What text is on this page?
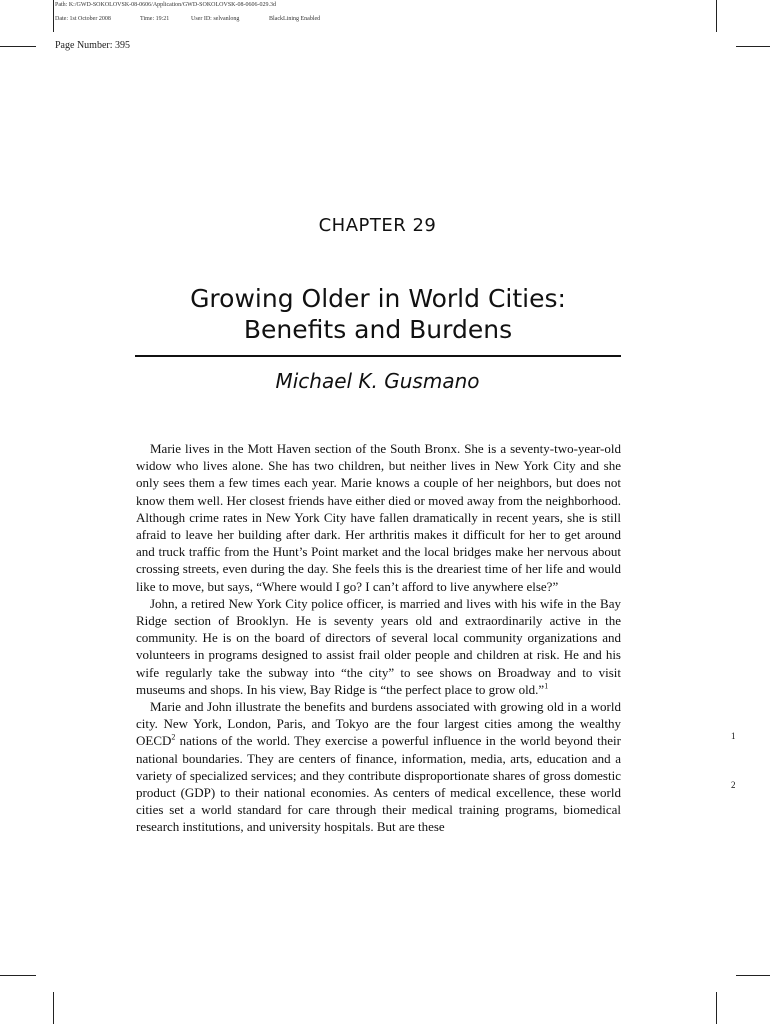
Path: K:/GWD-SOKOLOVSK-08-0606/Application/GWD-SOKOLOVSK-08-0606-029.3d
Date: 1st October 2008	Time: 19:21	User ID: selvanlong	BlackLining Enabled
Page Number: 395
CHAPTER 29
Growing Older in World Cities:
Benefits and Burdens
Michael K. Gusmano

Marie lives in the Mott Haven section of the South Bronx. She is a seventy-two-year-old widow who lives alone. She has two children, but neither lives in New York City and she only sees them a few times each year. Marie knows a couple of her neighbors, but does not know them well. Her closest friends have either died or moved away from the neighborhood. Although crime rates in New York City have fallen dramatically in recent years, she is still afraid to leave her building after dark. Her arthritis makes it difficult for her to get around and truck traffic from the Hunt’s Point market and the local bridges make her nervous about crossing streets, even during the day. She feels this is the dreariest time of her life and would like to move, but says, “Where would I go? I can’t afford to live anywhere else?”

John, a retired New York City police officer, is married and lives with his wife in the Bay Ridge section of Brooklyn. He is seventy years old and extraordinarily active in the community. He is on the board of directors of several local community organizations and volunteers in programs designed to assist frail older people and children at risk. He and his wife regularly take the subway into “the city” to see shows on Broadway and to visit museums and shops. In his view, Bay Ridge is “the perfect place to grow old.”$^1$

Marie and John illustrate the benefits and burdens associated with growing old in a world city. New York, London, Paris, and Tokyo are the four largest cities among the wealthy OECD$^2$ nations of the world. They exercise a powerful influence in the world beyond their national boundaries. They are centers of finance, information, media, arts, education and a variety of specialized services; and they contribute disproportionate shares of gross domestic product (GDP) to their national economies. As centers of medical excellence, these world cities set a world standard for care through their medical training programs, biomedical research institutions, and university hospitals. But are these

1
2
